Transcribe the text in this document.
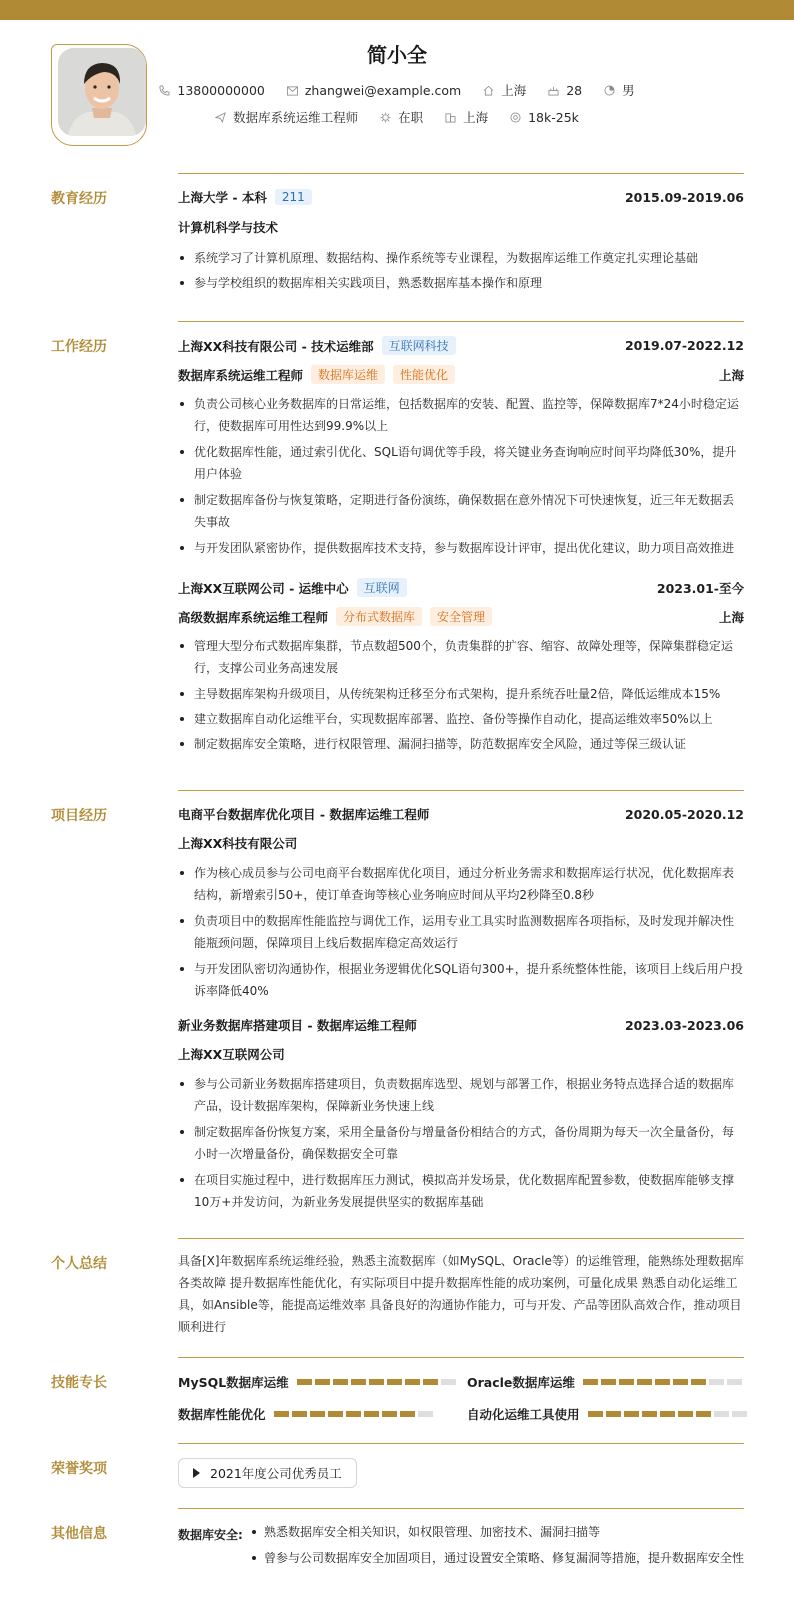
简小全
13800000000
	zhangwei@example.com
	上海
	28
	男
数据库系统运维工程师
	在职
	上海
	18k-25k
教育经历	上海大学 - 本科	211	2015.09-2019.06
计算机科学与技术
系统学习了计算机原理、数据结构、操作系统等专业课程，为数据库运维工作奠定扎实理论基础
参与学校组织的数据库相关实践项目，熟悉数据库基本操作和原理
工作经历	上海XX科技有限公司 - 技术运维部	互联网科技	2019.07-2022.12
数据库系统运维工程师	数据库运维	性能优化	上海
负责公司核心业务数据库的日常运维，包括数据库的安装、配置、监控等，保障数据库7*24小时稳定运行，使数据库可用性达到99.9%以上
优化数据库性能，通过索引优化、SQL语句调优等手段，将关键业务查询响应时间平均降低30%，提升用户体验
制定数据库备份与恢复策略，定期进行备份演练，确保数据在意外情况下可快速恢复，近三年无数据丢失事故
与开发团队紧密协作，提供数据库技术支持，参与数据库设计评审，提出优化建议，助力项目高效推进
上海XX互联网公司 - 运维中心	互联网	2023.01-至今
高级数据库系统运维工程师	分布式数据库	安全管理	上海
管理大型分布式数据库集群，节点数超500个，负责集群的扩容、缩容、故障处理等，保障集群稳定运行，支撑公司业务高速发展
主导数据库架构升级项目，从传统架构迁移至分布式架构，提升系统吞吐量2倍，降低运维成本15%
建立数据库自动化运维平台，实现数据库部署、监控、备份等操作自动化，提高运维效率50%以上
制定数据库安全策略，进行权限管理、漏洞扫描等，防范数据库安全风险，通过等保三级认证
项目经历	电商平台数据库优化项目 - 数据库运维工程师	2020.05-2020.12
上海XX科技有限公司
作为核心成员参与公司电商平台数据库优化项目，通过分析业务需求和数据库运行状况，优化数据库表结构，新增索引50+，使订单查询等核心业务响应时间从平均2秒降至0.8秒
负责项目中的数据库性能监控与调优工作，运用专业工具实时监测数据库各项指标，及时发现并解决性能瓶颈问题，保障项目上线后数据库稳定高效运行
与开发团队密切沟通协作，根据业务逻辑优化SQL语句300+，提升系统整体性能，该项目上线后用户投诉率降低40%
新业务数据库搭建项目 - 数据库运维工程师	2023.03-2023.06
上海XX互联网公司
参与公司新业务数据库搭建项目，负责数据库选型、规划与部署工作，根据业务特点选择合适的数据库产品，设计数据库架构，保障新业务快速上线
制定数据库备份恢复方案，采用全量备份与增量备份相结合的方式，备份周期为每天一次全量备份，每小时一次增量备份，确保数据安全可靠
在项目实施过程中，进行数据库压力测试，模拟高并发场景，优化数据库配置参数，使数据库能够支撑10万+并发访问，为新业务发展提供坚实的数据库基础
个人总结	具备[X]年数据库系统运维经验，熟悉主流数据库（如MySQL、Oracle等）的运维管理，能熟练处理数据库各类故障 提升数据库性能优化，有实际项目中提升数据库性能的成功案例，可量化成果 熟悉自动化运维工具，如Ansible等，能提高运维效率 具备良好的沟通协作能力，可与开发、产品等团队高效合作，推动项目顺利进行
技能专长	MySQL数据库运维	Oracle数据库运维
数据库性能优化	自动化运维工具使用
荣誉奖项	2021年度公司优秀员工
其他信息	数据库安全:	熟悉数据库安全相关知识，如权限管理、加密技术、漏洞扫描等
曾参与公司数据库安全加固项目，通过设置安全策略、修复漏洞等措施，提升数据库安全性
